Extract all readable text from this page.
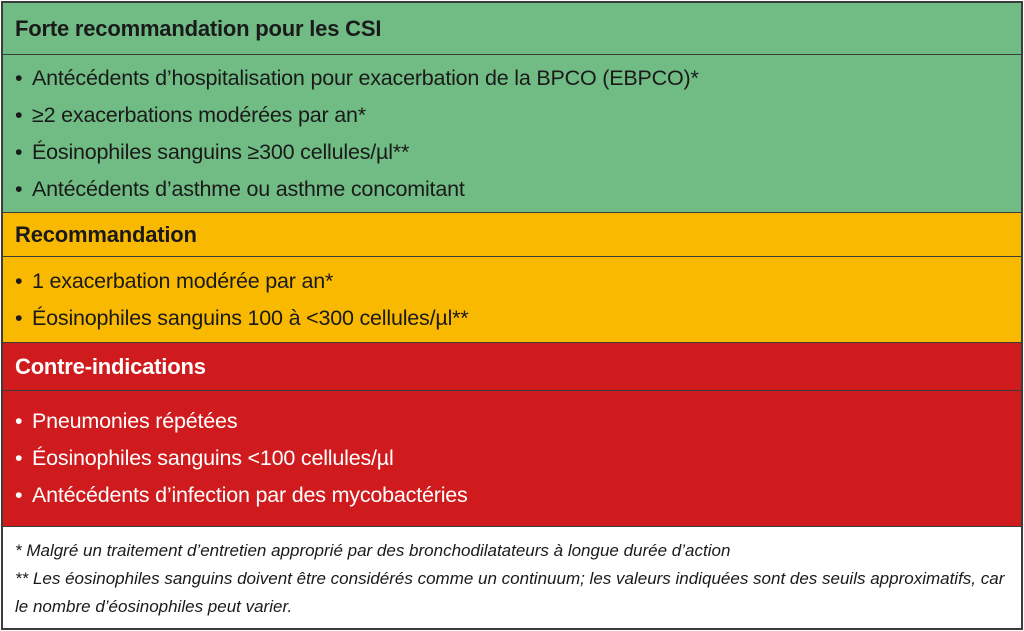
Forte recommandation pour les CSI
• Antécédents d’hospitalisation pour exacerbation de la BPCO (EBPCO)*
• ≥2 exacerbations modérées par an*
• Éosinophiles sanguins ≥300 cellules/µl**
• Antécédents d’asthme ou asthme concomitant
Recommandation
• 1 exacerbation modérée par an*
• Éosinophiles sanguins 100 à <300 cellules/µl**
Contre-indications
• Pneumonies répétées
• Éosinophiles sanguins <100 cellules/µl
• Antécédents d’infection par des mycobactéries

* Malgré un traitement d’entretien approprié par des bronchodilatateurs à longue durée d’action

** Les éosinophiles sanguins doivent être considérés comme un continuum; les valeurs indiquées sont des seuils approximatifs, car le nombre d’éosinophiles peut varier.
